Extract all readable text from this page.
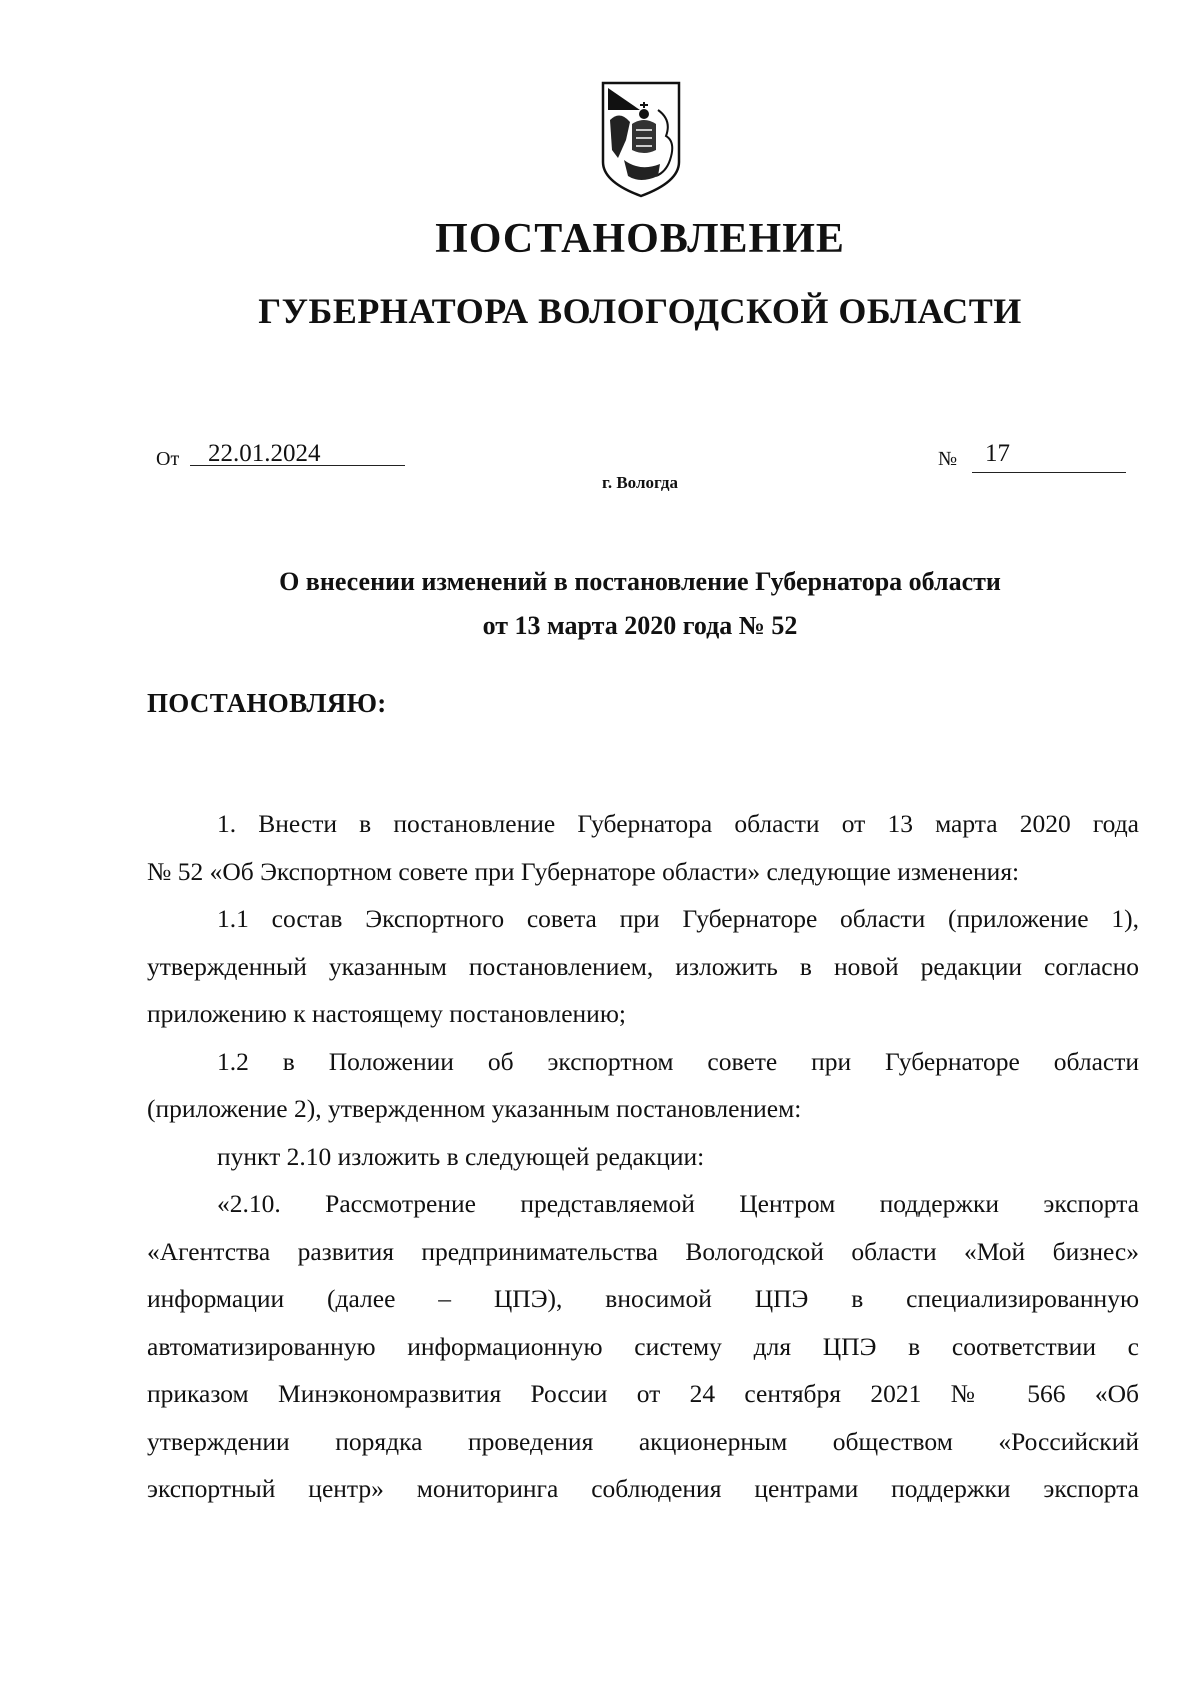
ПОСТАНОВЛЕНИЕ
ГУБЕРНАТОРА ВОЛОГОДСКОЙ ОБЛАСТИ
От 22.01.2024	№ 17
г. Вологда
О внесении изменений в постановление Губернатора области
от 13 марта 2020 года № 52
ПОСТАНОВЛЯЮ:
1. Внести в постановление Губернатора области от 13 марта 2020 года
№ 52 «Об Экспортном совете при Губернаторе области» следующие изменения:
1.1 состав Экспортного совета при Губернаторе области (приложение 1),
утвержденный указанным постановлением, изложить в новой редакции согласно
приложению к настоящему постановлению;
1.2 в Положении об экспортном совете при Губернаторе области
(приложение 2), утвержденном указанным постановлением:
пункт 2.10 изложить в следующей редакции:
«2.10. Рассмотрение представляемой Центром поддержки экспорта
«Агентства развития предпринимательства Вологодской области «Мой бизнес»
информации (далее – ЦПЭ), вносимой ЦПЭ в специализированную
автоматизированную информационную систему для ЦПЭ в соответствии с
приказом Минэкономразвития России от 24 сентября 2021 № 566 «Об
утверждении порядка проведения акционерным обществом «Российский
экспортный центр» мониторинга соблюдения центрами поддержки экспорта
